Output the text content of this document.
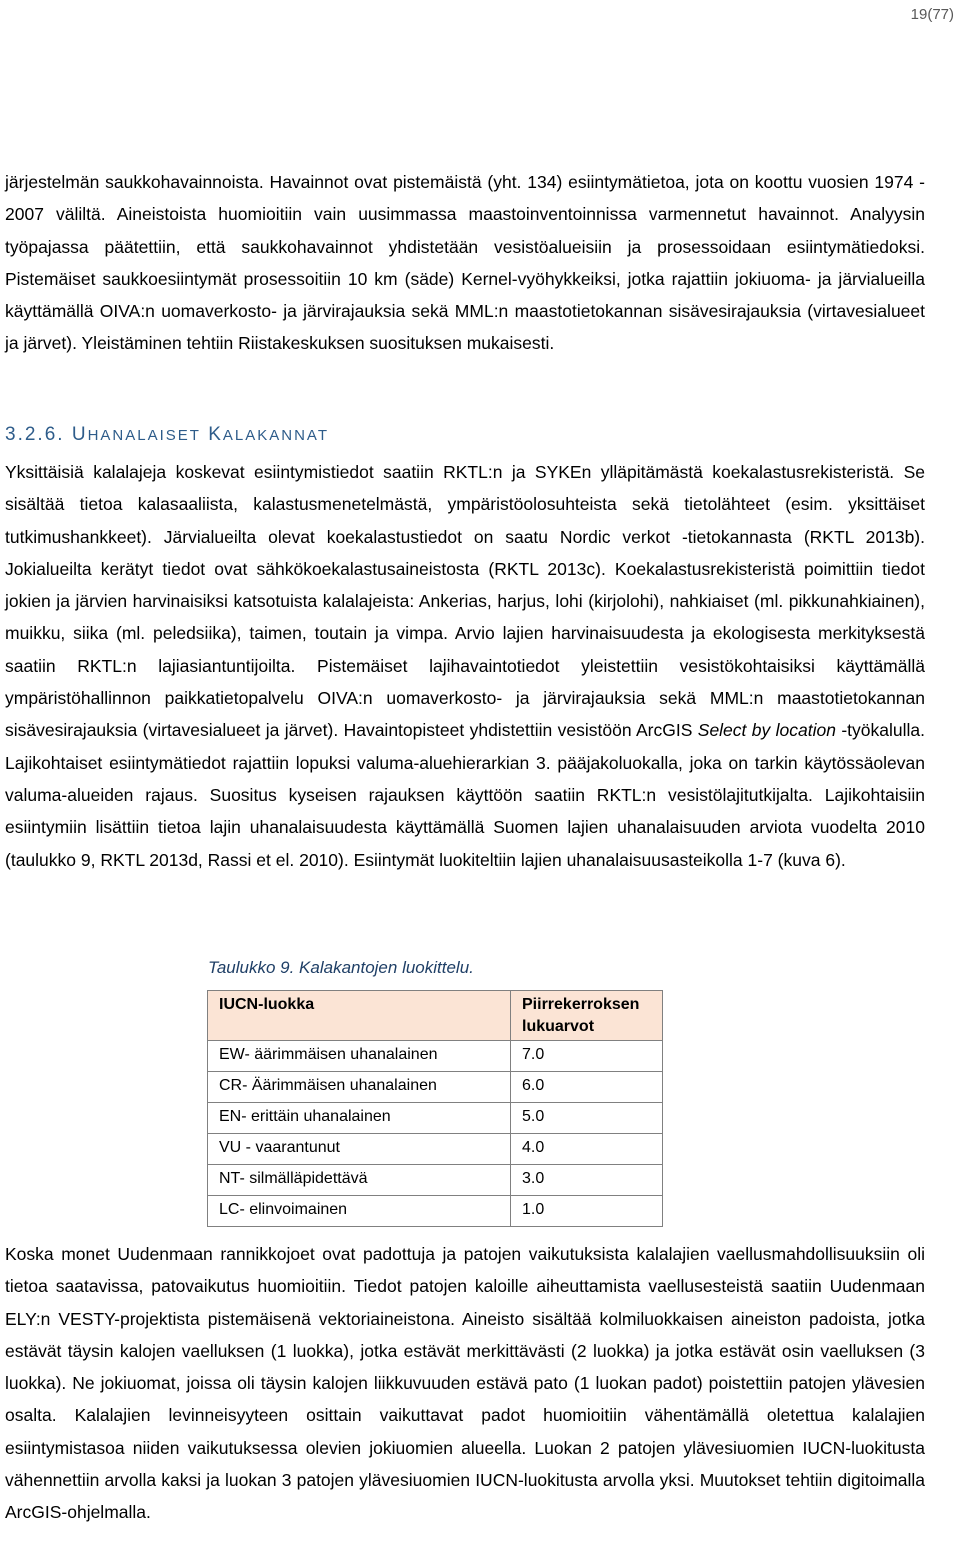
19(77)

järjestelmän saukkohavainnoista. Havainnot ovat pistemäistä (yht. 134) esiintymätietoa, jota on koottu vuosien 1974 - 2007 väliltä. Aineistoista huomioitiin vain uusimmassa maastoinventoinnissa varmennetut havainnot. Analyysin työpajassa päätettiin, että saukkohavainnot yhdistetään vesistöalueisiin ja prosessoidaan esiintymätiedoksi. Pistemäiset saukkoesiintymät prosessoitiin 10 km (säde) Kernel-vyöhykkeiksi, jotka rajattiin jokiuoma- ja järvialueilla käyttämällä OIVA:n uomaverkosto- ja järvirajauksia sekä MML:n maastotietokannan sisävesirajauksia (virtavesialueet ja järvet). Yleistäminen tehtiin Riistakeskuksen suosituksen mukaisesti.

3.2.6. UHANALAISET KALAKANNAT

Yksittäisiä kalalajeja koskevat esiintymistiedot saatiin RKTL:n ja SYKEn ylläpitämästä koekalastusrekisteristä. Se sisältää tietoa kalasaaliista, kalastusmenetelmästä, ympäristöolosuhteista sekä tietolähteet (esim. yksittäiset tutkimushankkeet). Järvialueilta olevat koekalastustiedot on saatu Nordic verkot -tietokannasta (RKTL 2013b). Jokialueilta kerätyt tiedot ovat sähkökoekalastusaineistosta (RKTL 2013c). Koekalastusrekisteristä poimittiin tiedot jokien ja järvien harvinaisiksi katsotuista kalalajeista: Ankerias, harjus, lohi (kirjolohi), nahkiaiset (ml. pikkunahkiainen), muikku, siika (ml. peledsiika), taimen, toutain ja vimpa. Arvio lajien harvinaisuudesta ja ekologisesta merkityksestä saatiin RKTL:n lajiasiantuntijoilta. Pistemäiset lajihavaintotiedot yleistettiin vesistökohtaisiksi käyttämällä ympäristöhallinnon paikkatietopalvelu OIVA:n uomaverkosto- ja järvirajauksia sekä MML:n maastotietokannan sisävesirajauksia (virtavesialueet ja järvet). Havaintopisteet yhdistettiin vesistöön ArcGIS Select by location -työkalulla. Lajikohtaiset esiintymätiedot rajattiin lopuksi valuma-aluehierarkian 3. pääjakoluokalla, joka on tarkin käytössäolevan valuma-alueiden rajaus. Suositus kyseisen rajauksen käyttöön saatiin RKTL:n vesistölajitutkijalta. Lajikohtaisiin esiintymiin lisättiin tietoa lajin uhanalaisuudesta käyttämällä Suomen lajien uhanalaisuuden arviota vuodelta 2010 (taulukko 9, RKTL 2013d, Rassi et el. 2010). Esiintymät luokiteltiin lajien uhanalaisuusasteikolla 1-7 (kuva 6).

Taulukko 9. Kalakantojen luokittelu.
IUCN-luokka	Piirrekerroksen lukuarvot
EW- äärimmäisen uhanalainen	7.0
CR- Äärimmäisen uhanalainen	6.0
EN- erittäin uhanalainen	5.0
VU - vaarantunut	4.0
NT- silmälläpidettävä	3.0
LC- elinvoimainen	1.0

Koska monet Uudenmaan rannikkojoet ovat padottuja ja patojen vaikutuksista kalalajien vaellusmahdollisuuksiin oli tietoa saatavissa, patovaikutus huomioitiin. Tiedot patojen kaloille aiheuttamista vaellusesteistä saatiin Uudenmaan ELY:n VESTY-projektista pistemäisenä vektoriaineistona. Aineisto sisältää kolmiluokkaisen aineiston padoista, jotka estävät täysin kalojen vaelluksen (1 luokka), jotka estävät merkittävästi (2 luokka) ja jotka estävät osin vaelluksen (3 luokka). Ne jokiuomat, joissa oli täysin kalojen liikkuvuuden estävä pato (1 luokan padot) poistettiin patojen ylävesien osalta. Kalalajien levinneisyyteen osittain vaikuttavat padot huomioitiin vähentämällä oletettua kalalajien esiintymistasoa niiden vaikutuksessa olevien jokiuomien alueella. Luokan 2 patojen ylävesiuomien IUCN-luokitusta vähennettiin arvolla kaksi ja luokan 3 patojen ylävesiuomien IUCN-luokitusta arvolla yksi. Muutokset tehtiin digitoimalla ArcGIS-ohjelmalla.
